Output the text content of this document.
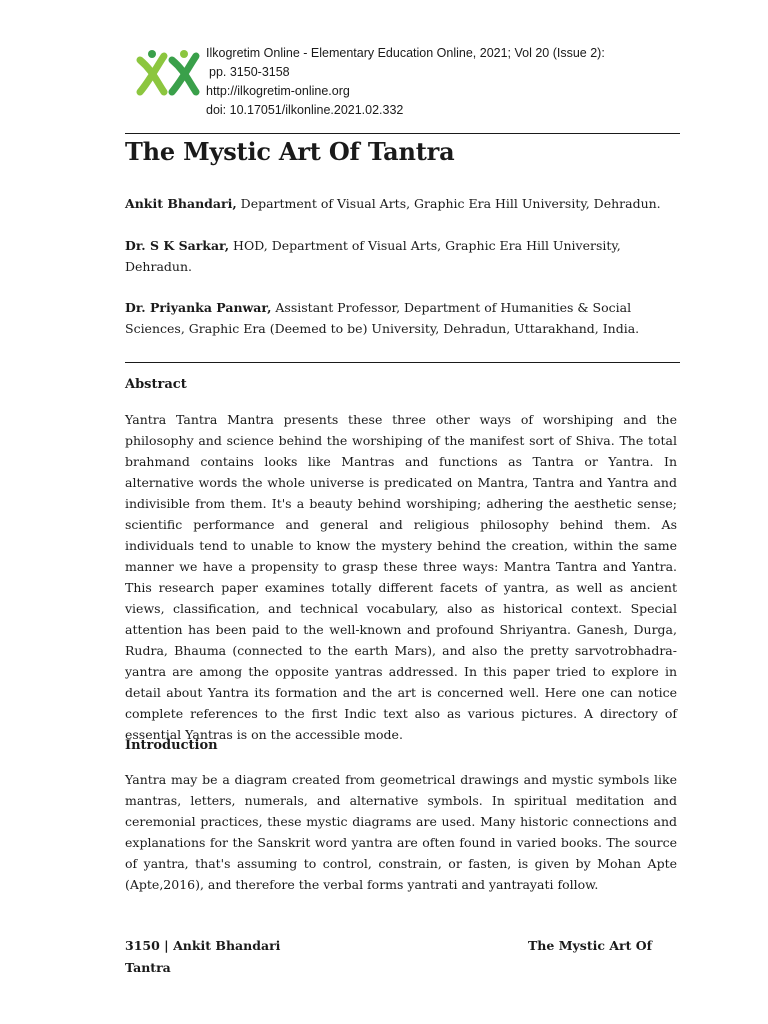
Ilkogretim Online - Elementary Education Online, 2021; Vol 20 (Issue 2):
pp. 3150-3158
http://ilkogretim-online.org
doi: 10.17051/ilkonline.2021.02.332
The Mystic Art Of Tantra
Ankit Bhandari, Department of Visual Arts, Graphic Era Hill University, Dehradun.
Dr. S K Sarkar, HOD, Department of Visual Arts, Graphic Era Hill University, Dehradun.
Dr. Priyanka Panwar, Assistant Professor, Department of Humanities & Social Sciences, Graphic Era (Deemed to be) University, Dehradun, Uttarakhand, India.
Abstract
Yantra Tantra Mantra presents these three other ways of worshiping and the philosophy and science behind the worshiping of the manifest sort of Shiva. The total brahmand contains looks like Mantras and functions as Tantra or Yantra. In alternative words the whole universe is predicated on Mantra, Tantra and Yantra and indivisible from them. It's a beauty behind worshiping; adhering the aesthetic sense; scientific performance and general and religious philosophy behind them. As individuals tend to unable to know the mystery behind the creation, within the same manner we have a propensity to grasp these three ways: Mantra Tantra and Yantra. This research paper examines totally different facets of yantra, as well as ancient views, classification, and technical vocabulary, also as historical context. Special attention has been paid to the well-known and profound Shriyantra. Ganesh, Durga, Rudra, Bhauma (connected to the earth Mars), and also the pretty sarvotrobhadra-yantra are among the opposite yantras addressed. In this paper tried to explore in detail about Yantra its formation and the art is concerned well. Here one can notice complete references to the first Indic text also as various pictures. A directory of essential Yantras is on the accessible mode.
Introduction
Yantra may be a diagram created from geometrical drawings and mystic symbols like mantras, letters, numerals, and alternative symbols. In spiritual meditation and ceremonial practices, these mystic diagrams are used. Many historic connections and explanations for the Sanskrit word yantra are often found in varied books. The source of yantra, that's assuming to control, constrain, or fasten, is given by Mohan Apte (Apte,2016), and therefore the verbal forms yantrati and yantrayati follow.
3150 | Ankit Bhandari	The Mystic Art Of
Tantra
